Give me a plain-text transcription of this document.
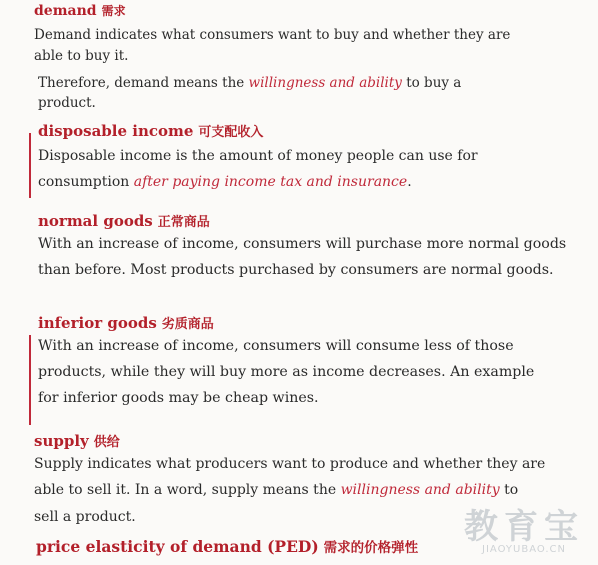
demand 需求
Demand indicates what consumers want to buy and whether they are
able to buy it.
Therefore, demand means the willingness and ability to buy a
product.
disposable income 可支配收入
Disposable income is the amount of money people can use for
consumption after paying income tax and insurance.
normal goods 正常商品
With an increase of income, consumers will purchase more normal goods
than before. Most products purchased by consumers are normal goods.
inferior goods 劣质商品
With an increase of income, consumers will consume less of those
products, while they will buy more as income decreases. An example
for inferior goods may be cheap wines.
supply 供给
Supply indicates what producers want to produce and whether they are
able to sell it. In a word, supply means the willingness and ability to
sell a product.
price elasticity of demand (PED) 需求的价格弹性
教育宝
JIAOYUBAO.CN
